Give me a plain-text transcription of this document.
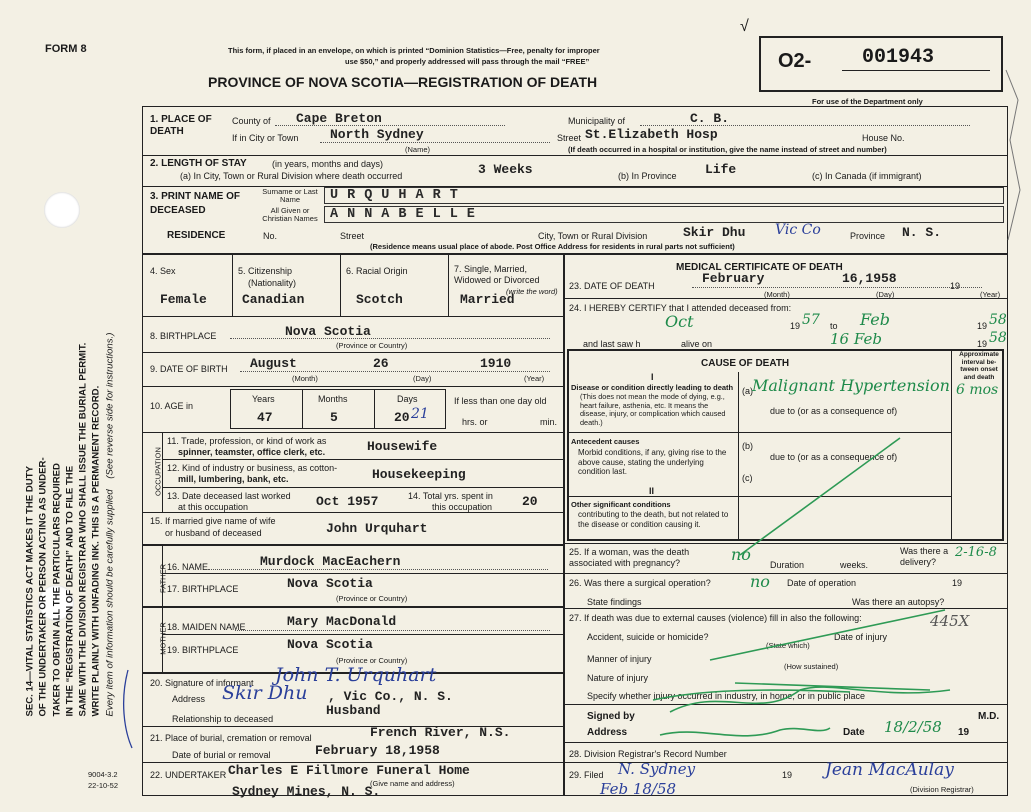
FORM 8	This form, if placed in an envelope, on which is printed “Dominion Statistics—Free, penalty for improper
use $50,” and properly addressed will pass through the mail “FREE”
PROVINCE OF NOVA SCOTIA—REGISTRATION OF DEATH
√
O2-	001943
For use of the Department only
SEC. 14—VITAL STATISTICS ACT MAKES IT THE DUTY OF THE UNDERTAKER OR PERSON ACTING AS UNDER- TAKER TO OBTAIN ALL THE PARTICULARS REQUIRED IN THE “REGISTRATION OF DEATH” AND TO FILE THE SAME WITH THE DIVISION REGISTRAR WHO SHALL ISSUE THE BURIAL PERMIT. WRITE PLAINLY WITH UNFADING INK. THIS IS A PERMANENT RECORD. Every item of information should be carefully supplied    (See reverse side for instructions.)
1. PLACE OF DEATH
County of Cape Breton	Municipality of	C. B.
If in City or Town North Sydney
(Name)
Street St.Elizabeth Hosp	House No.
(If death occurred in a hospital or institution, give the name instead of street and number)
2. LENGTH OF STAY	(in years, months and days)
(a) In City, Town or Rural Division where death occurred	3 Weeks	(b) In Province Life	(c) In Canada (if immigrant)
3. PRINT NAME OF DECEASED
Surname or Last Name	URQUHART
All Given or Christian Names ANNABELLE
RESIDENCE	No.	Street	City, Town or Rural Division	Skir Dhu Vic Co	Province N. S.
(Residence means usual place of abode. Post Office Address for residents in rural parts not sufficient)
4. Sex
Female
5. Citizenship
(Nationality)
Canadian
6. Racial Origin
Scotch
7. Single, Married, Widowed or Divorced
(write the word)
Married
8. BIRTHPLACE	Nova Scotia
(Province or Country)
9. DATE OF BIRTH August	26	1910
(Month)	(Day)	(Year)
10. AGE in
Years	Months	Days
47	5	20 21
If less than one day old
hrs. or	min.
OCCUPATION
11. Trade, profession, or kind of work as
spinner, teamster, office clerk, etc.	Housewife
12. Kind of industry or business, as cotton-
mill, lumbering, bank, etc.	Housekeeping
13. Date deceased last worked
at this occupation	Oct 1957	14. Total yrs. spent in
this occupation 20
15. If married give name of wife
or husband of deceased	John Urquhart
FATHER 16. NAME	Murdock MacEachern
17. BIRTHPLACE	Nova Scotia
(Province or Country)
MOTHER 18. MAIDEN NAME	Mary MacDonald
19. BIRTHPLACE	Nova Scotia
(Province or Country)
20. Signature of informant John T. Urquhart
Address Skir Dhu , Vic Co., N. S.
Husband
Relationship to deceased
21. Place of burial, cremation or removal	French River, N.S.
Date of burial or removal	February 18,1958
22. UNDERTAKER Charles E Fillmore Funeral Home
(Give name and address)
Sydney Mines, N. S.
9004-3.2
22-10-52
MEDICAL CERTIFICATE OF DEATH
23. DATE OF DEATH	February	16,1958	19
(Month)	(Day)	(Year)
24. I HEREBY CERTIFY that I attended deceased from:
Oct	19 57 to Feb	19 58
and last saw h	alive on	16 Feb	19 58
CAUSE OF DEATH
Approximate interval be-tween onset and death
I
Disease or condition directly leading to death
(This does not mean the mode of dying, e.g., heart failure, asthenia, etc. It means the disease, injury, or complication which caused death.)
(a) Malignant Hypertension 6 mos
due to (or as a consequence of)
Antecedent causes
Morbid conditions, if any, giving rise to the above cause, stating the underlying condition last.
(b)
due to (or as a consequence of)
(c)
II
Other significant conditions
contributing to the death, but not related to the disease or condition causing it.
25. If a woman, was the death associated with pregnancy?	no
Duration	weeks.
Was there a delivery?
2-16-8
26. Was there a surgical operation? no Date of operation	19
State findings	Was there an autopsy?
27. If death was due to external causes (violence) fill in also the following:
Accident, suicide or homicide?
(State which)
Date of injury
445X
Manner of injury
(How sustained)
Nature of injury
Specify whether injury occurred in industry, in home, or in public place
Signed by	M.D.
Address	Date 18/2/58 19
28. Division Registrar's Record Number
29. Filed N. Sydney	19
Feb 18/58
Jean MacAulay
(Division Registrar)
